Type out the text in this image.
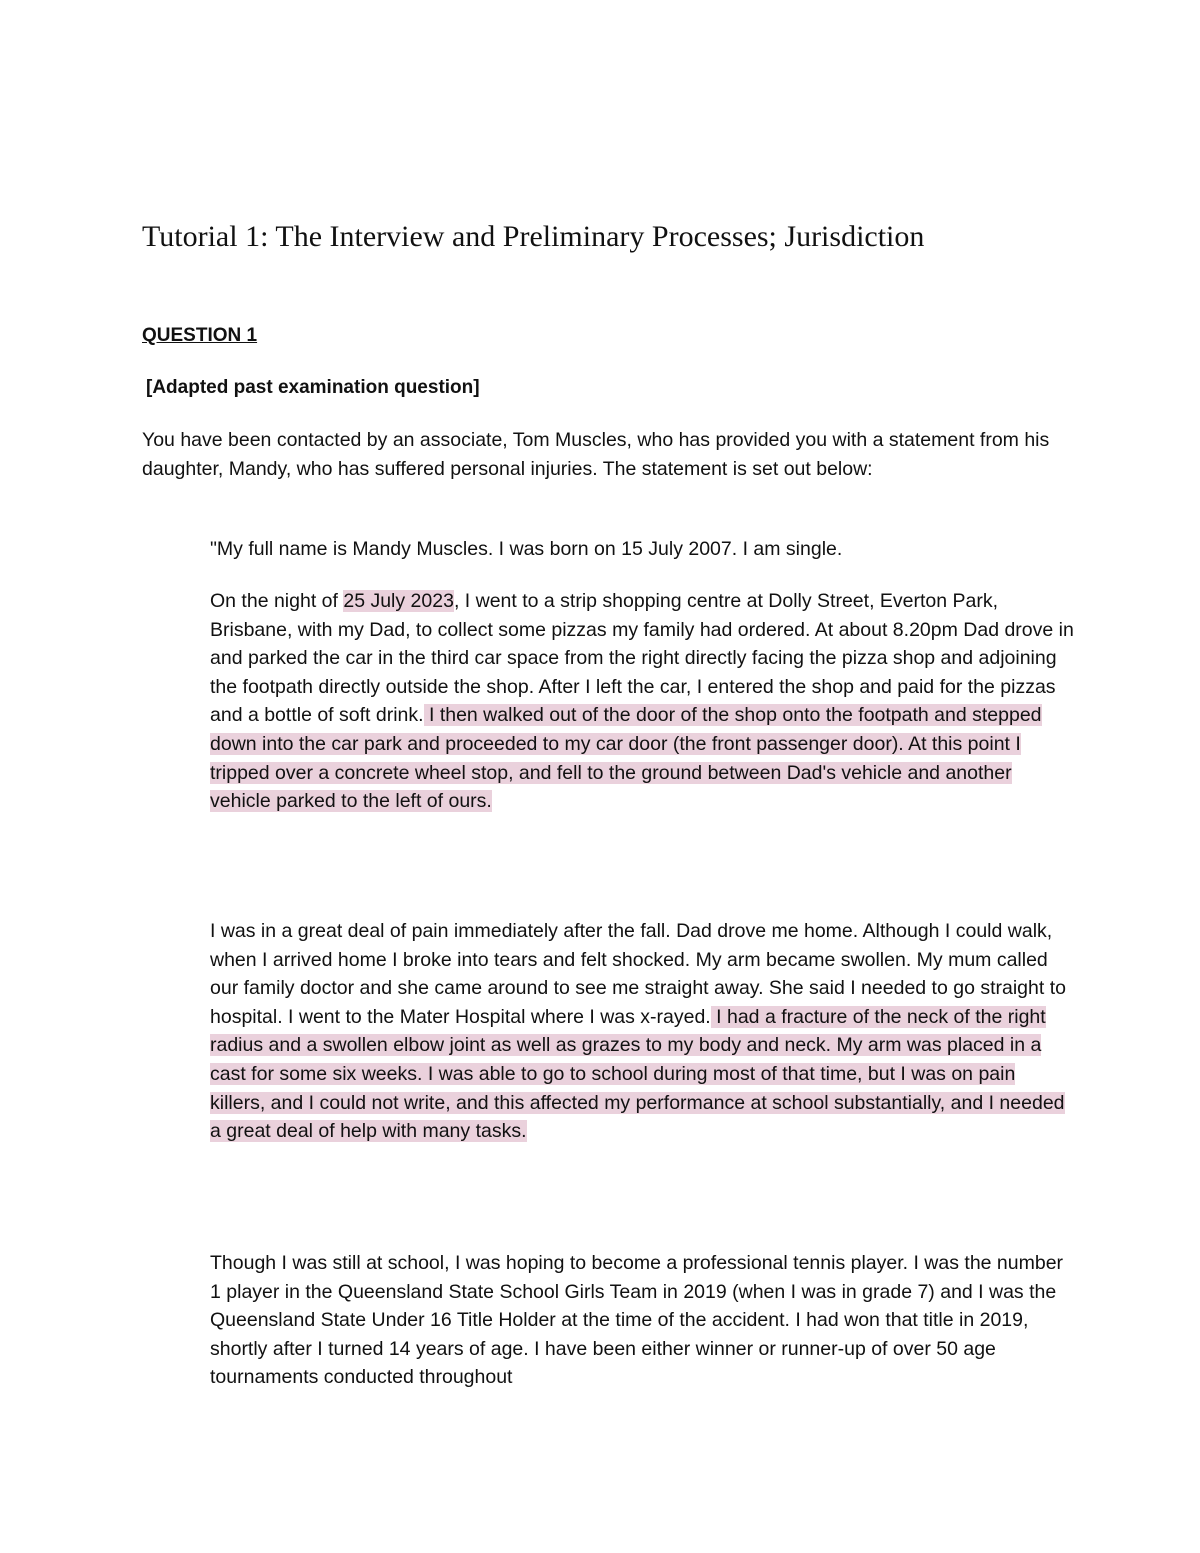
Tutorial 1: The Interview and Preliminary Processes; Jurisdiction

QUESTION 1

[Adapted past examination question]

You have been contacted by an associate, Tom Muscles, who has provided you with a statement from his daughter, Mandy, who has suffered personal injuries. The statement is set out below:

"My full name is Mandy Muscles. I was born on 15 July 2007. I am single.

On the night of 25 July 2023, I went to a strip shopping centre at Dolly Street, Everton Park, Brisbane, with my Dad, to collect some pizzas my family had ordered. At about 8.20pm Dad drove in and parked the car in the third car space from the right directly facing the pizza shop and adjoining the footpath directly outside the shop. After I left the car, I entered the shop and paid for the pizzas and a bottle of soft drink. I then walked out of the door of the shop onto the footpath and stepped down into the car park and proceeded to my car door (the front passenger door). At this point I tripped over a concrete wheel stop, and fell to the ground between Dad's vehicle and another vehicle parked to the left of ours.

I was in a great deal of pain immediately after the fall. Dad drove me home. Although I could walk, when I arrived home I broke into tears and felt shocked. My arm became swollen. My mum called our family doctor and she came around to see me straight away. She said I needed to go straight to hospital. I went to the Mater Hospital where I was x-rayed. I had a fracture of the neck of the right radius and a swollen elbow joint as well as grazes to my body and neck. My arm was placed in a cast for some six weeks. I was able to go to school during most of that time, but I was on pain killers, and I could not write, and this affected my performance at school substantially, and I needed a great deal of help with many tasks.

Though I was still at school, I was hoping to become a professional tennis player. I was the number 1 player in the Queensland State School Girls Team in 2019 (when I was in grade 7) and I was the Queensland State Under 16 Title Holder at the time of the accident. I had won that title in 2019, shortly after I turned 14 years of age. I have been either winner or runner-up of over 50 age tournaments conducted throughout
